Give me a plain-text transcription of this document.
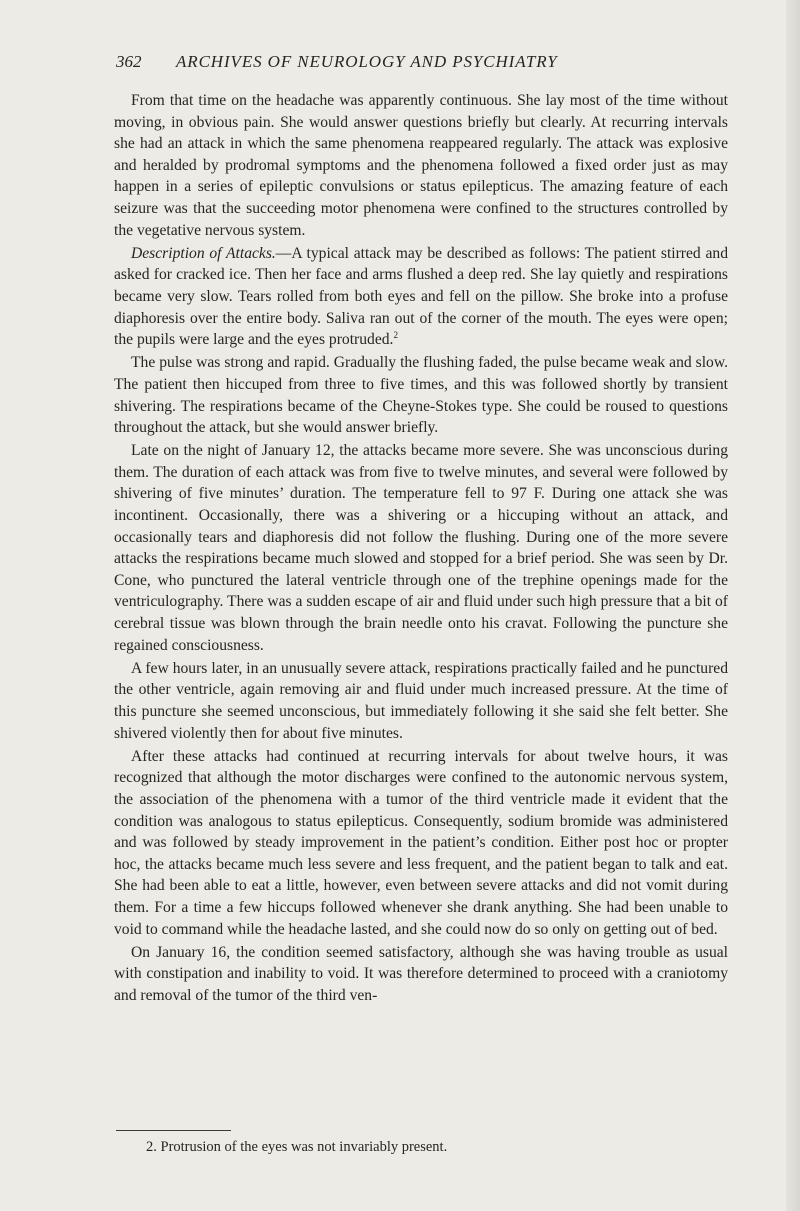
362 ARCHIVES OF NEUROLOGY AND PSYCHIATRY

From that time on the headache was apparently continuous. She lay most of the time without moving, in obvious pain. She would answer questions briefly but clearly. At recurring intervals she had an attack in which the same phenomena reappeared regularly. The attack was explosive and heralded by prodromal symptoms and the phenomena followed a fixed order just as may happen in a series of epileptic convulsions or status epilepticus. The amazing feature of each seizure was that the succeeding motor phenomena were confined to the structures controlled by the vegetative nervous system.

Description of Attacks.—A typical attack may be described as follows: The patient stirred and asked for cracked ice. Then her face and arms flushed a deep red. She lay quietly and respirations became very slow. Tears rolled from both eyes and fell on the pillow. She broke into a profuse diaphoresis over the entire body. Saliva ran out of the corner of the mouth. The eyes were open; the pupils were large and the eyes protruded.$^2$

The pulse was strong and rapid. Gradually the flushing faded, the pulse became weak and slow. The patient then hiccuped from three to five times, and this was followed shortly by transient shivering. The respirations became of the Cheyne-Stokes type. She could be roused to questions throughout the attack, but she would answer briefly.

Late on the night of January 12, the attacks became more severe. She was unconscious during them. The duration of each attack was from five to twelve minutes, and several were followed by shivering of five minutes’ duration. The temperature fell to 97 F. During one attack she was incontinent. Occasionally, there was a shivering or a hiccuping without an attack, and occasionally tears and diaphoresis did not follow the flushing. During one of the more severe attacks the respirations became much slowed and stopped for a brief period. She was seen by Dr. Cone, who punctured the lateral ventricle through one of the trephine openings made for the ventriculography. There was a sudden escape of air and fluid under such high pressure that a bit of cerebral tissue was blown through the brain needle onto his cravat. Following the puncture she regained consciousness.

A few hours later, in an unusually severe attack, respirations practically failed and he punctured the other ventricle, again removing air and fluid under much increased pressure. At the time of this puncture she seemed unconscious, but immediately following it she said she felt better. She shivered violently then for about five minutes.

After these attacks had continued at recurring intervals for about twelve hours, it was recognized that although the motor discharges were confined to the autonomic nervous system, the association of the phenomena with a tumor of the third ventricle made it evident that the condition was analogous to status epilepticus. Consequently, sodium bromide was administered and was followed by steady improvement in the patient’s condition. Either post hoc or propter hoc, the attacks became much less severe and less frequent, and the patient began to talk and eat. She had been able to eat a little, however, even between severe attacks and did not vomit during them. For a time a few hiccups followed whenever she drank anything. She had been unable to void to command while the headache lasted, and she could now do so only on getting out of bed.

On January 16, the condition seemed satisfactory, although she was having trouble as usual with constipation and inability to void. It was therefore determined to proceed with a craniotomy and removal of the tumor of the third ven-

2. Protrusion of the eyes was not invariably present.
